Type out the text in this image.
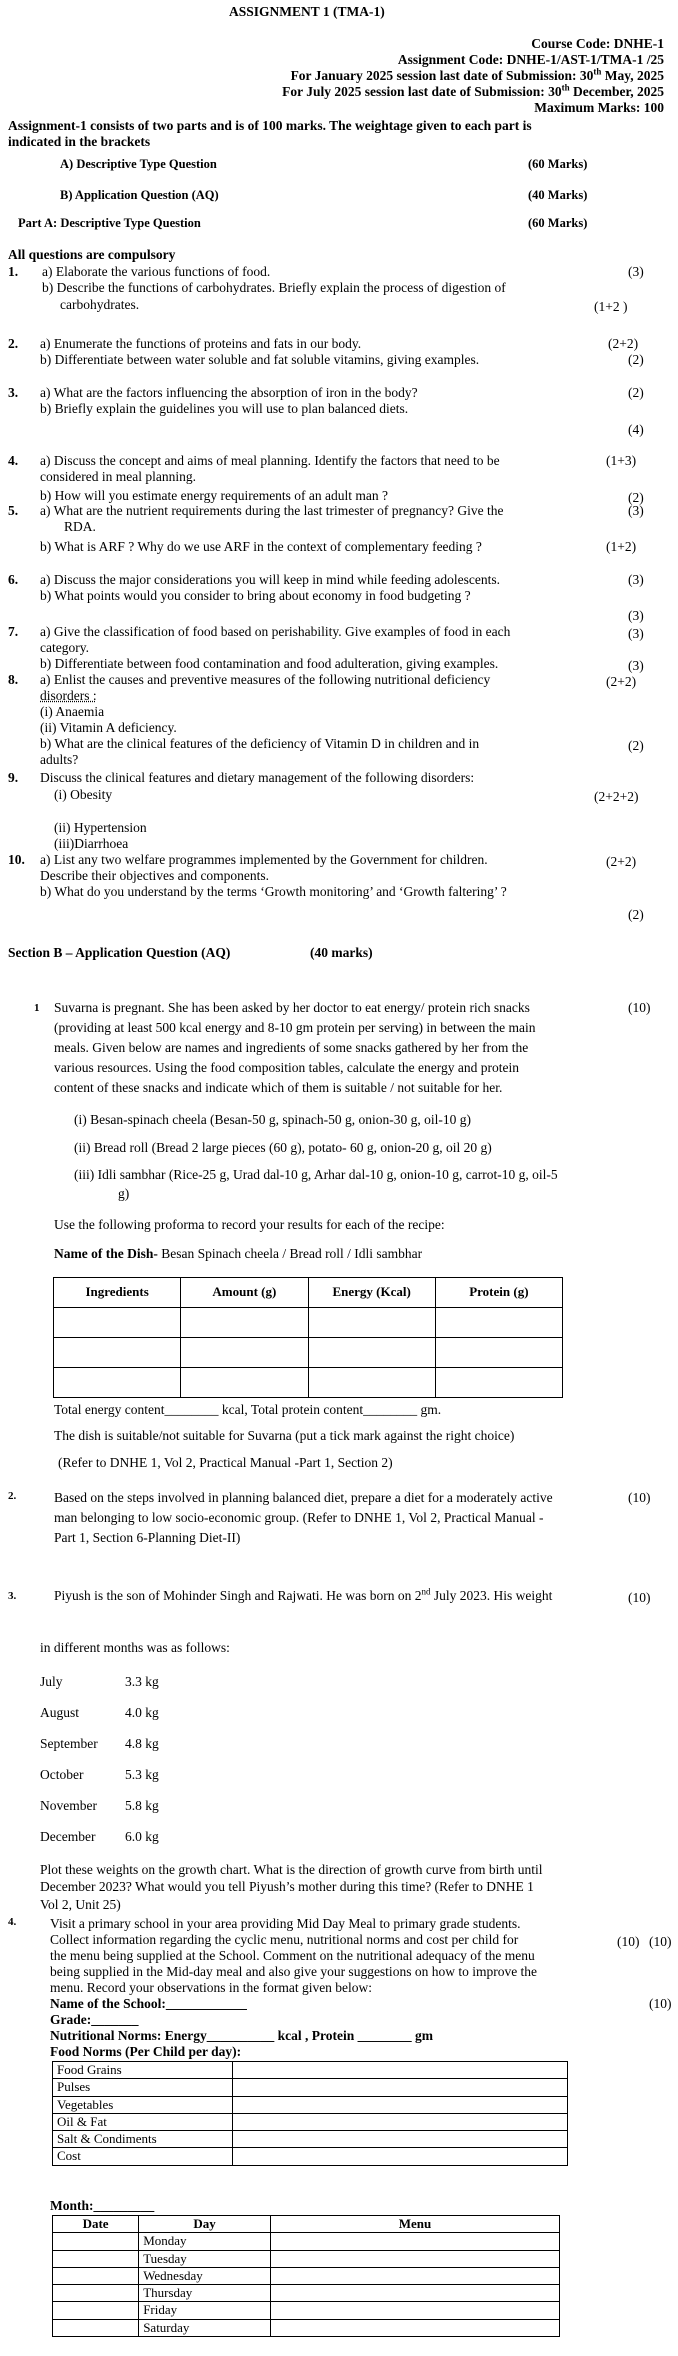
ASSIGNMENT 1 (TMA-1)
Course Code: DNHE-1
Assignment Code: DNHE-1/AST-1/TMA-1 /25
For January 2025 session last date of Submission: 30th May, 2025
For July 2025 session last date of Submission: 30th December, 2025
Maximum Marks: 100
Assignment-1 consists of two parts and is of 100 marks. The weightage given to each part is
indicated in the brackets
A) Descriptive Type Question	(60 Marks)
B) Application Question (AQ)	(40 Marks)
Part A: Descriptive Type Question	(60 Marks)
All questions are compulsory
1. a) Elaborate the various functions of food.	(3)
b) Describe the functions of carbohydrates. Briefly explain the process of digestion of
carbohydrates.	(1+2 )
2. a) Enumerate the functions of proteins and fats in our body.	(2+2)
b) Differentiate between water soluble and fat soluble vitamins, giving examples.	(2)
3. a) What are the factors influencing the absorption of iron in the body?	(2)
b) Briefly explain the guidelines you will use to plan balanced diets.
(4)
4. a) Discuss the concept and aims of meal planning. Identify the factors that need to be	(1+3)
considered in meal planning.
b) How will you estimate energy requirements of an adult man ?	(2)
5. a) What are the nutrient requirements during the last trimester of pregnancy? Give the	(3)
RDA.
b) What is ARF ? Why do we use ARF in the context of complementary feeding ?	(1+2)
6. a) Discuss the major considerations you will keep in mind while feeding adolescents.	(3)
b) What points would you consider to bring about economy in food budgeting ?
(3)
7. a) Give the classification of food based on perishability. Give examples of food in each	(3)
category.
b) Differentiate between food contamination and food adulteration, giving examples.	(3)
8. a) Enlist the causes and preventive measures of the following nutritional deficiency	(2+2)
disorders :
(i) Anaemia
(ii) Vitamin A deficiency.
b) What are the clinical features of the deficiency of Vitamin D in children and in	(2)
adults?
9. Discuss the clinical features and dietary management of the following disorders:
(i) Obesity	(2+2+2)
(ii) Hypertension
(iii)Diarrhoea
10. a) List any two welfare programmes implemented by the Government for children.	(2+2)
Describe their objectives and components.
b) What do you understand by the terms ‘Growth monitoring’ and ‘Growth faltering’ ?
(2)
Section B – Application Question (AQ)	(40 marks)
1	(10)
Suvarna is pregnant. She has been asked by her doctor to eat energy/ protein rich snacks
(providing at least 500 kcal energy and 8-10 gm protein per serving) in between the main
meals. Given below are names and ingredients of some snacks gathered by her from the
various resources. Using the food composition tables, calculate the energy and protein
content of these snacks and indicate which of them is suitable / not suitable for her.
(i) Besan-spinach cheela (Besan-50 g, spinach-50 g, onion-30 g, oil-10 g)
(ii) Bread roll (Bread 2 large pieces (60 g), potato- 60 g, onion-20 g, oil 20 g)
(iii) Idli sambhar (Rice-25 g, Urad dal-10 g, Arhar dal-10 g, onion-10 g, carrot-10 g, oil-5
g)
Use the following proforma to record your results for each of the recipe:
Name of the Dish- Besan Spinach cheela / Bread roll / Idli sambhar
Ingredients	Amount (g)	Energy (Kcal)	Protein (g)

Total energy content________ kcal, Total protein content________ gm.
The dish is suitable/not suitable for Suvarna (put a tick mark against the right choice)
(Refer to DNHE 1, Vol 2, Practical Manual -Part 1, Section 2)
2.	Based on the steps involved in planning balanced diet, prepare a diet for a moderately active	(10)
man belonging to low socio-economic group. (Refer to DNHE 1, Vol 2, Practical Manual -
Part 1, Section 6-Planning Diet-II)
3.	Piyush is the son of Mohinder Singh and Rajwati. He was born on 2nd July 2023. His weight	(10)
in different months was as follows:
July	3.3 kg
August	4.0 kg
September 4.8 kg
October	5.3 kg
November 5.8 kg
December 6.0 kg
Plot these weights on the growth chart. What is the direction of growth curve from birth until
December 2023? What would you tell Piyush’s mother during this time? (Refer to DNHE 1
Vol 2, Unit 25)
4.	Visit a primary school in your area providing Mid Day Meal to primary grade students.
Collect information regarding the cyclic menu, nutritional norms and cost per child for	(10) (10)
the menu being supplied at the School. Comment on the nutritional adequacy of the menu
being supplied in the Mid-day meal and also give your suggestions on how to improve the
menu. Record your observations in the format given below:
Name of the School:____________	(10)
Grade:_______
Nutritional Norms: Energy__________ kcal , Protein ________ gm
Food Norms (Per Child per day):
Food Grains	
Pulses	
Vegetables	
Oil & Fat	
Salt & Condiments	
Cost	
Month:_________
Date	Day	Menu
	Monday	
	Tuesday	
	Wednesday	
	Thursday	
	Friday	
	Saturday	
